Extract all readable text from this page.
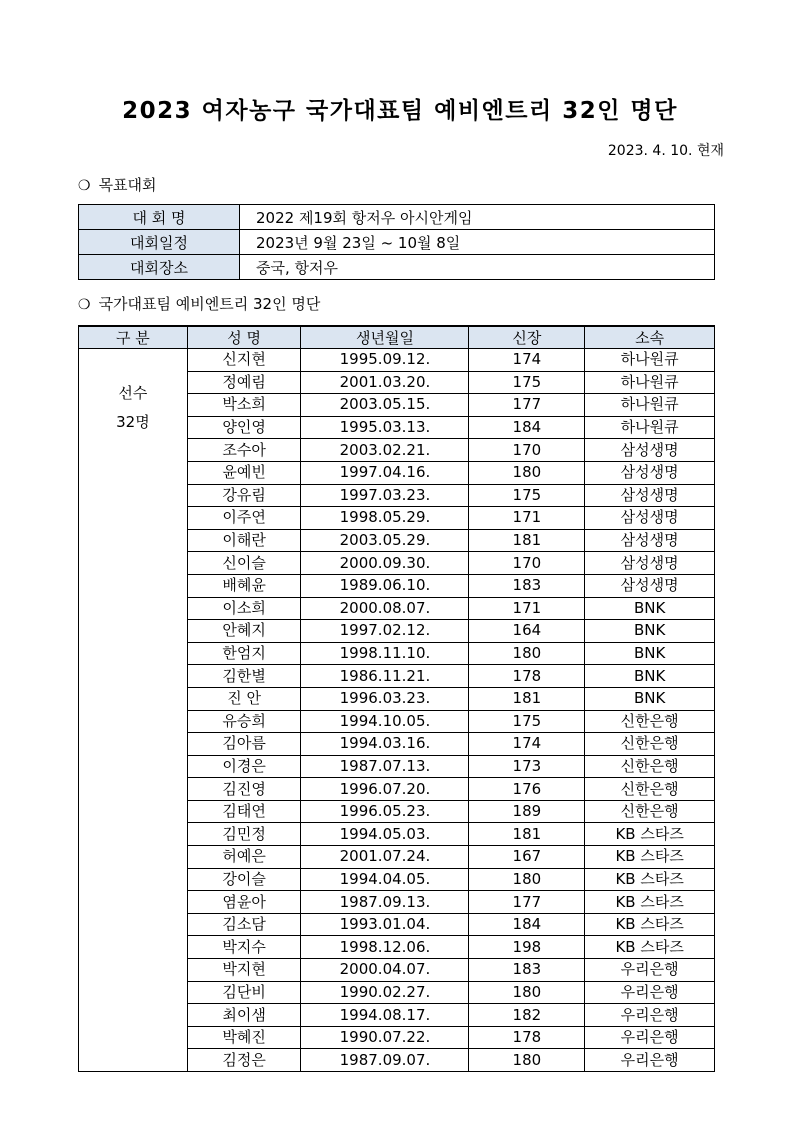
2023 여자농구 국가대표팀 예비엔트리 32인 명단
2023. 4. 10. 현재
❍ 목표대회
대 회 명	2022 제19회 항저우 아시안게임
대회일정	2023년 9월 23일 ~ 10월 8일
대회장소	중국, 항저우
❍ 국가대표팀 예비엔트리 32인 명단
구 분	성 명	생년월일	신장	소속

선수
32명	신지현	1995.09.12.	174	하나원큐
	정예림	2001.03.20.	175	하나원큐
	박소희	2003.05.15.	177	하나원큐
	양인영	1995.03.13.	184	하나원큐
	조수아	2003.02.21.	170	삼성생명
	윤예빈	1997.04.16.	180	삼성생명
	강유림	1997.03.23.	175	삼성생명
	이주연	1998.05.29.	171	삼성생명
	이해란	2003.05.29.	181	삼성생명
	신이슬	2000.09.30.	170	삼성생명
	배혜윤	1989.06.10.	183	삼성생명
	이소희	2000.08.07.	171	BNK
	안혜지	1997.02.12.	164	BNK
	한엄지	1998.11.10.	180	BNK
	김한별	1986.11.21.	178	BNK
	진 안	1996.03.23.	181	BNK
	유승희	1994.10.05.	175	신한은행
	김아름	1994.03.16.	174	신한은행
	이경은	1987.07.13.	173	신한은행
	김진영	1996.07.20.	176	신한은행
	김태연	1996.05.23.	189	신한은행
	김민정	1994.05.03.	181	KB 스타즈
	허예은	2001.07.24.	167	KB 스타즈
	강이슬	1994.04.05.	180	KB 스타즈
	염윤아	1987.09.13.	177	KB 스타즈
	김소담	1993.01.04.	184	KB 스타즈
	박지수	1998.12.06.	198	KB 스타즈
	박지현	2000.04.07.	183	우리은행
	김단비	1990.02.27.	180	우리은행
	최이샘	1994.08.17.	182	우리은행
	박혜진	1990.07.22.	178	우리은행
	김정은	1987.09.07.	180	우리은행
